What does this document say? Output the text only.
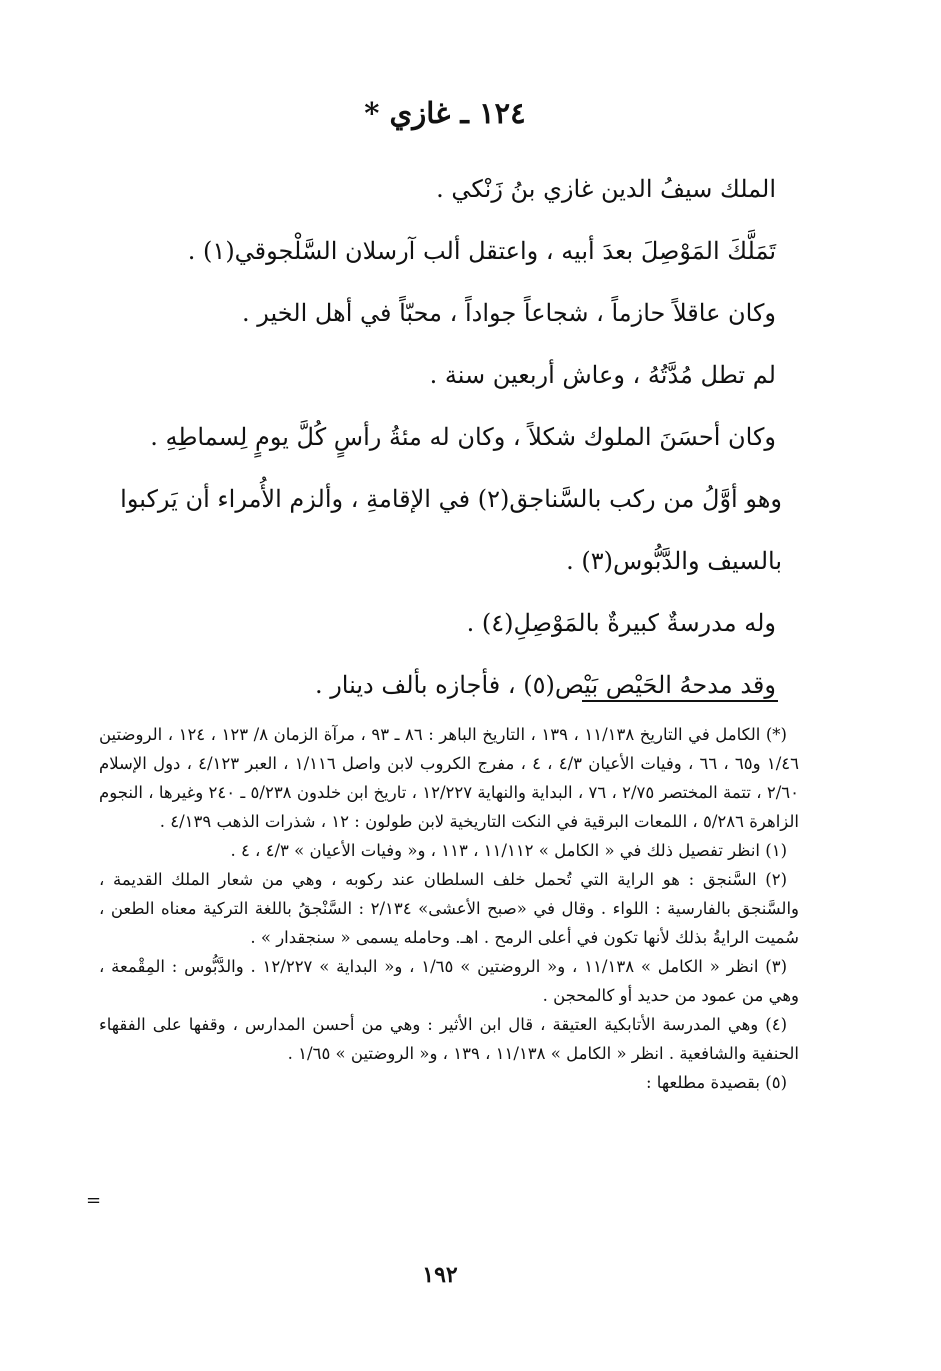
١٢٤ ـ غازي *

الملك سيفُ الدين غازي بنُ زَنْكي .

تَمَلَّكَ المَوْصِلَ بعدَ أبيه ، واعتقل ألب آرسلان السَّلْجوقي(١) .

وكان عاقلاً حازماً ، شجاعاً جواداً ، محبّاً في أهل الخير .

لم تطل مُدَّتُهُ ، وعاش أربعين سنة .

وكان أحسَنَ الملوك شكلاً ، وكان له مئةُ رأسٍ كُلَّ يومٍ لِسماطِهِ .

وهو أوَّلُ من ركب بالسَّناجق(٢) في الإقامةِ ، وألزم الأُمراء أن يَركبوا بالسيف والدَّبُّوس(٣) .

وله مدرسةٌ كبيرةٌ بالمَوْصِلِ(٤) .

وقد مدحهُ الحَيْص بَيْص(٥) ، فأجازه بألف دينار .

(*) الكامل في التاريخ ١١/١٣٨ ، ١٣٩ ، التاريخ الباهر : ٨٦ ـ ٩٣ ، مرآة الزمان ٨/ ١٢٣ ، ١٢٤ ، الروضتين ١/٤٦ و٦٥ ، ٦٦ ، وفيات الأعيان ٤/٣ ، ٤ ، مفرج الكروب لابن واصل ١/١١٦ ، العبر ٤/١٢٣ ، دول الإسلام ٢/٦٠ ، تتمة المختصر ٢/٧٥ ، ٧٦ ، البداية والنهاية ١٢/٢٢٧ ، تاريخ ابن خلدون ٥/٢٣٨ ـ ٢٤٠ وغيرها ، النجوم الزاهرة ٥/٢٨٦ ، اللمعات البرقية في النكت التاريخية لابن طولون : ١٢ ، شذرات الذهب ٤/١٣٩ .

(١) انظر تفصيل ذلك في « الكامل » ١١/١١٢ ، ١١٣ ، و« وفيات الأعيان » ٤/٣ ، ٤ .

(٢) السَّنجق : هو الراية التي تُحمل خلف السلطان عند ركوبه ، وهي من شعار الملك القديمة ، والسَّنجق بالفارسية : اللواء . وقال في «صبح الأعشى» ٢/١٣٤ : السَّنْجقُ باللغة التركية معناه الطعن ، سُميت الرايةُ بذلك لأنها تكون في أعلى الرمح . اهـ. وحامله يسمى « سنجقدار » .

(٣) انظر « الكامل » ١١/١٣٨ ، و« الروضتين » ١/٦٥ ، و« البداية » ١٢/٢٢٧ . والدَّبُّوس : المِقْمعة ، وهي من عمود من حديد أو كالمحجن .

(٤) وهي المدرسة الأتابكية العتيقة ، قال ابن الأثير : وهي من أحسن المدارس ، وقفها على الفقهاء الحنفية والشافعية . انظر « الكامل » ١١/١٣٨ ، ١٣٩ ، و« الروضتين » ١/٦٥ .

(٥) بقصيدة مطلعها :

=
١٩٢
